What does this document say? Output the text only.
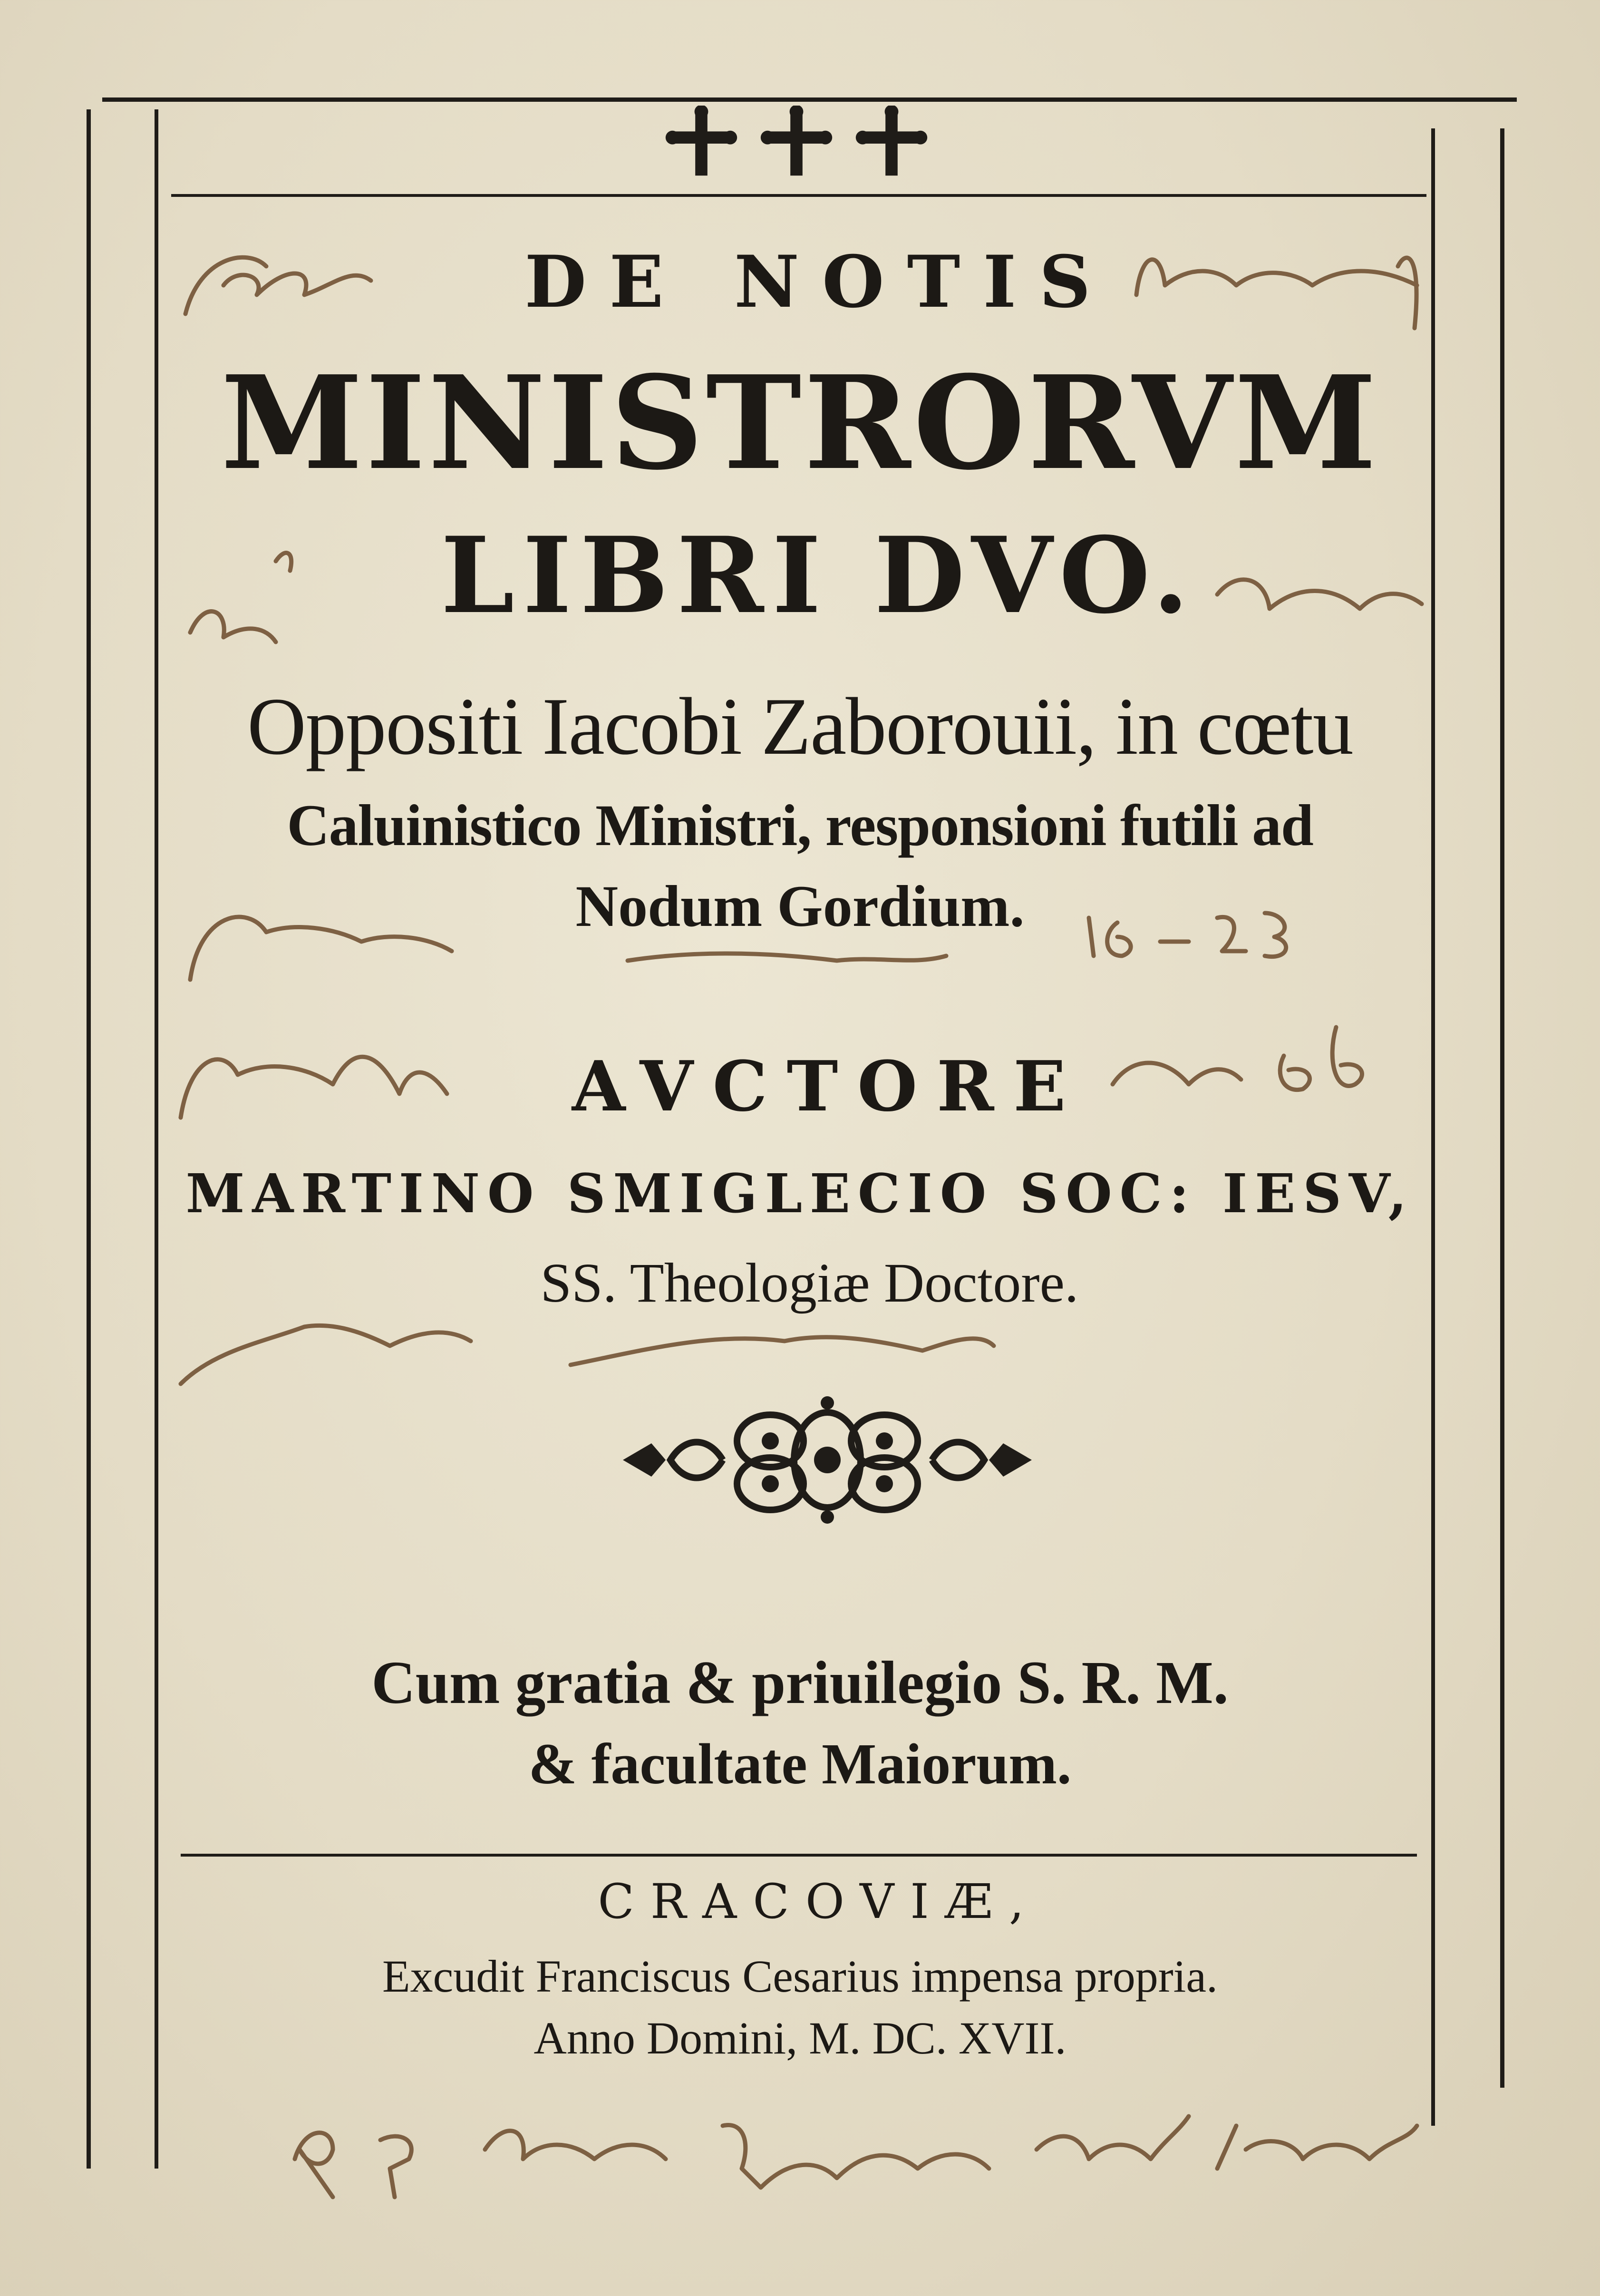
DE NOTIS
MINISTRORVM
LIBRI DVO.
Oppositi Iacobi Zaborouii, in cœtu
Caluinistico Ministri, responsioni futili ad
Nodum Gordium.
AVCTORE
MARTINO SMIGLECIO SOC: IESV,
SS. Theologiæ Doctore.
Cum gratia & priuilegio S. R. M.
& facultate Maiorum.
CRACOVIÆ,
Excudit Franciscus Cesarius impensa propria.
Anno Domini, M. DC. XVII.
